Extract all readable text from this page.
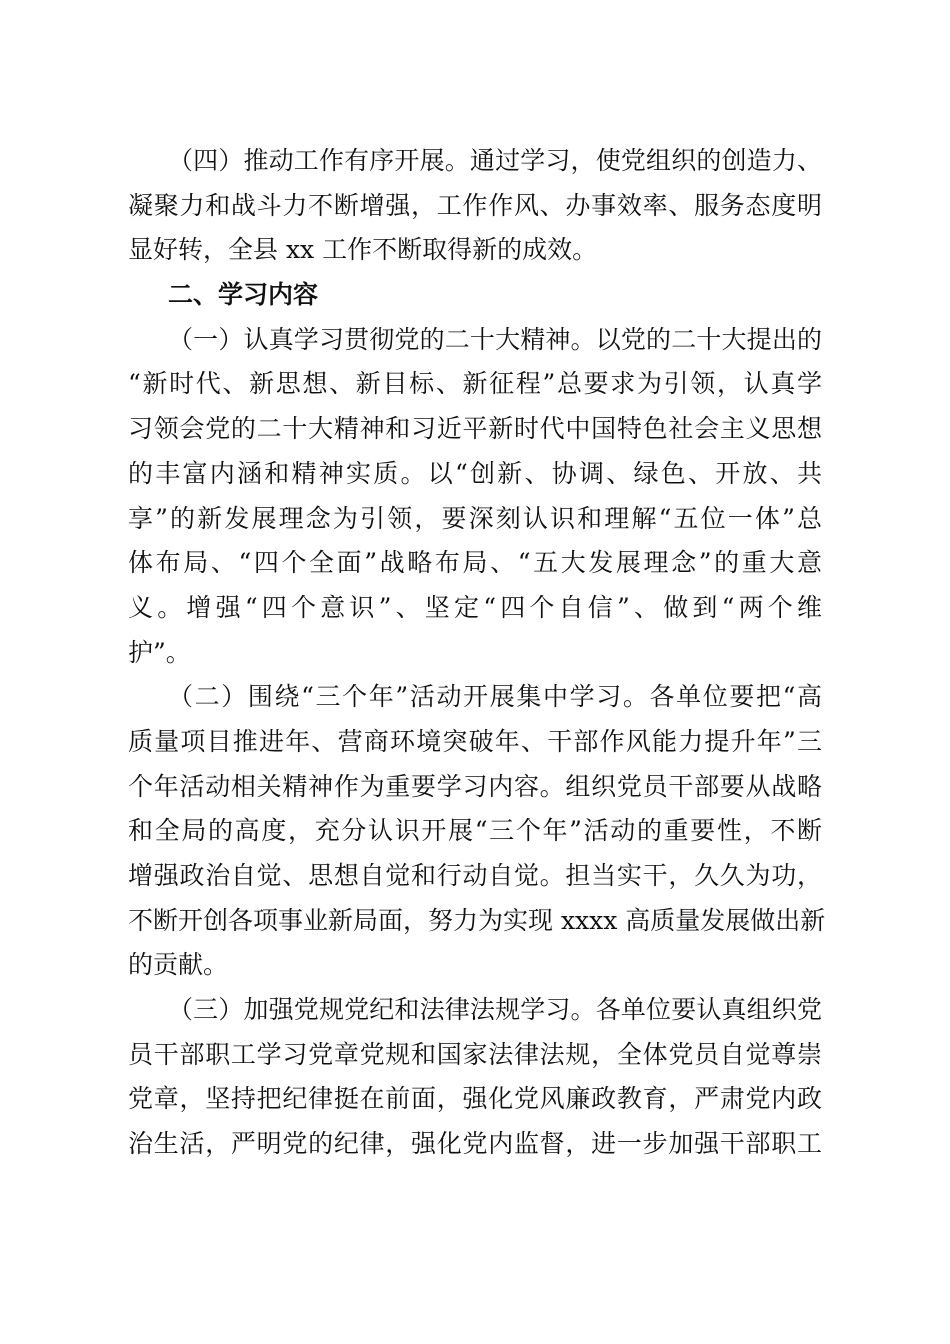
（四）推动工作有序开展。通过学习，使党组织的创造力、
凝聚力和战斗力不断增强，工作作风、办事效率、服务态度明
显好转，全县 xx 工作不断取得新的成效。
二、学习内容
（一）认真学习贯彻党的二十大精神。以党的二十大提出的
“新时代、新思想、新目标、新征程”总要求为引领，认真学
习领会党的二十大精神和习近平新时代中国特色社会主义思想
的丰富内涵和精神实质。以“创新、协调、绿色、开放、共
享”的新发展理念为引领，要深刻认识和理解“五位一体”总
体布局、“四个全面”战略布局、“五大发展理念”的重大意
义。增强“四个意识”、坚定“四个自信”、做到“两个维
护”。
（二）围绕“三个年”活动开展集中学习。各单位要把“高
质量项目推进年、营商环境突破年、干部作风能力提升年”三
个年活动相关精神作为重要学习内容。组织党员干部要从战略
和全局的高度，充分认识开展“三个年”活动的重要性，不断
增强政治自觉、思想自觉和行动自觉。担当实干，久久为功，
不断开创各项事业新局面，努力为实现 xxxx 高质量发展做出新
的贡献。
（三）加强党规党纪和法律法规学习。各单位要认真组织党
员干部职工学习党章党规和国家法律法规，全体党员自觉尊崇
党章，坚持把纪律挺在前面，强化党风廉政教育，严肃党内政
治生活，严明党的纪律，强化党内监督，进一步加强干部职工
